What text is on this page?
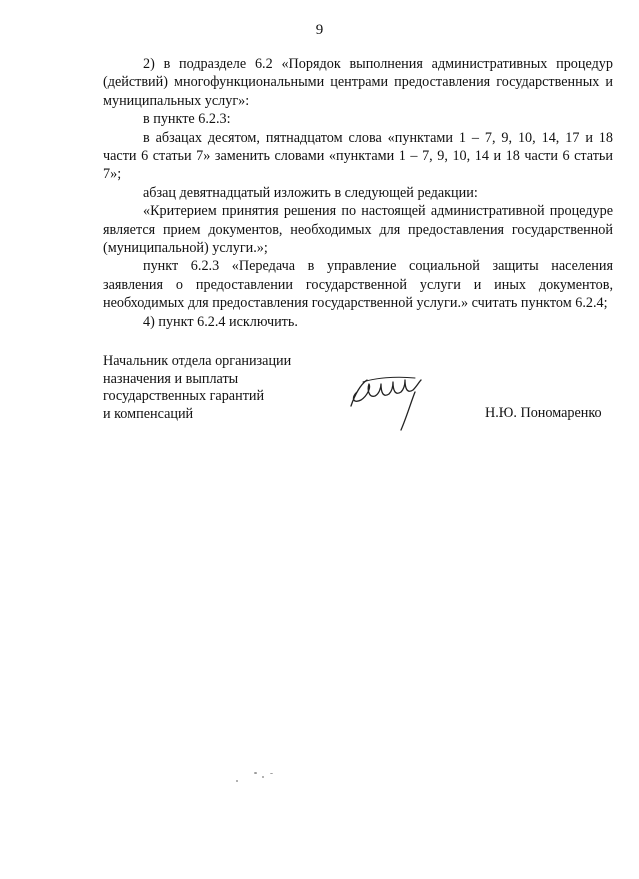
9

2) в подразделе 6.2 «Порядок выполнения административных процедур (действий) многофункциональными центрами предоставления государственных и муниципальных услуг»:

в пункте 6.2.3:

в абзацах десятом, пятнадцатом слова «пунктами 1 – 7, 9, 10, 14, 17 и 18 части 6 статьи 7» заменить словами «пунктами 1 – 7, 9, 10, 14 и 18 части 6 статьи 7»;

абзац девятнадцатый изложить в следующей редакции:

«Критерием принятия решения по настоящей административной процедуре является прием документов, необходимых для предоставления государственной (муниципальной) услуги.»;

пункт 6.2.3 «Передача в управление социальной защиты населения заявления о предоставлении государственной услуги и иных документов, необходимых для предоставления государственной услуги.» считать пунктом 6.2.4;

4) пункт 6.2.4 исключить.

Начальник отдела организации
назначения и выплаты
государственных гарантий
и компенсаций	Н.Ю. Пономаренко
